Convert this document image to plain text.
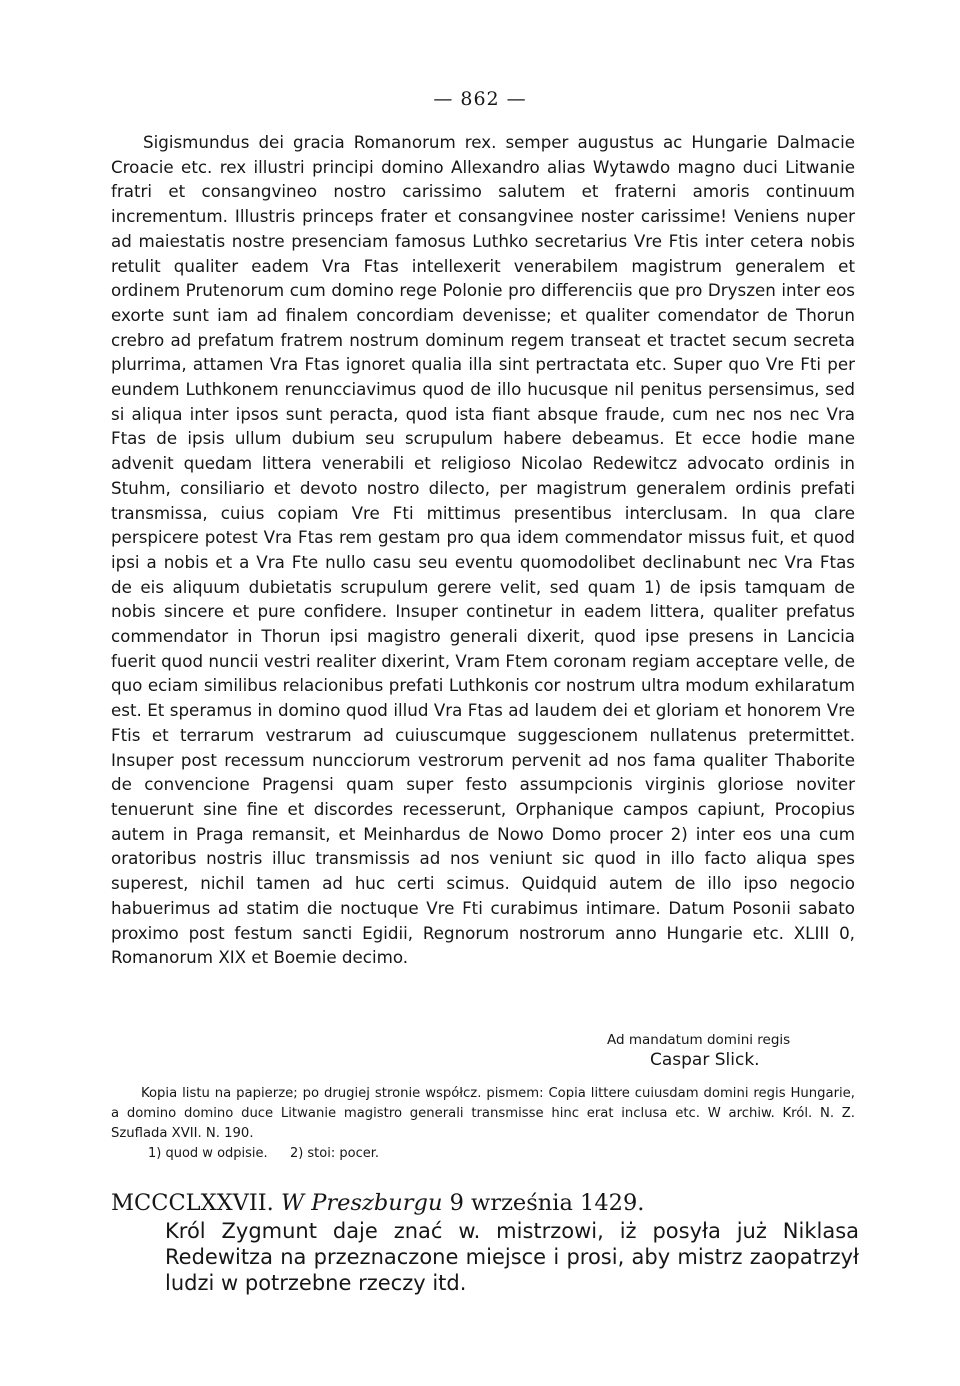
— 862 —

Sigismundus dei gracia Romanorum rex. semper augustus ac Hungarie Dalmacie Croacie etc. rex illustri principi domino Allexandro alias Wytawdo magno duci Litwanie fratri et consangvineo nostro carissimo salutem et fraterni amoris continuum incrementum. Illustris princeps frater et consangvinee noster carissime! Veniens nuper ad maiestatis nostre presenciam famosus Luthko secretarius Vre Ftis inter cetera nobis retulit qualiter eadem Vra Ftas intellexerit venerabilem magistrum generalem et ordinem Prutenorum cum domino rege Polonie pro differenciis que pro Dryszen inter eos exorte sunt iam ad finalem concordiam devenisse; et qualiter comendator de Thorun crebro ad prefatum fratrem nostrum dominum regem transeat et tractet secum secreta plurrima, attamen Vra Ftas ignoret qualia illa sint pertractata etc. Super quo Vre Fti per eundem Luthkonem renuncciavimus quod de illo hucusque nil penitus persensimus, sed si aliqua inter ipsos sunt peracta, quod ista fiant absque fraude, cum nec nos nec Vra Ftas de ipsis ullum dubium seu scrupulum habere debeamus. Et ecce hodie mane advenit quedam littera venerabili et religioso Nicolao Redewitcz advocato ordinis in Stuhm, consiliario et devoto nostro dilecto, per magistrum generalem ordinis prefati transmissa, cuius copiam Vre Fti mittimus presentibus interclusam. In qua clare perspicere potest Vra Ftas rem gestam pro qua idem commendator missus fuit, et quod ipsi a nobis et a Vra Fte nullo casu seu eventu quomodolibet declinabunt nec Vra Ftas de eis aliquum dubietatis scrupulum gerere velit, sed quam 1) de ipsis tamquam de nobis sincere et pure confidere. Insuper continetur in eadem littera, qualiter prefatus commendator in Thorun ipsi magistro generali dixerit, quod ipse presens in Lancicia fuerit quod nuncii vestri realiter dixerint, Vram Ftem coronam regiam acceptare velle, de quo eciam similibus relacionibus prefati Luthkonis cor nostrum ultra modum exhilaratum est. Et speramus in domino quod illud Vra Ftas ad laudem dei et gloriam et honorem Vre Ftis et terrarum vestrarum ad cuiuscumque suggescionem nullatenus pretermittet. Insuper post recessum nuncciorum vestrorum pervenit ad nos fama qualiter Thaborite de convencione Pragensi quam super festo assumpcionis virginis gloriose noviter tenuerunt sine fine et discordes recesserunt, Orphanique campos capiunt, Procopius autem in Praga remansit, et Meinhardus de Nowo Domo procer 2) inter eos una cum oratoribus nostris illuc transmissis ad nos veniunt sic quod in illo facto aliqua spes superest, nichil tamen ad huc certi scimus. Quidquid autem de illo ipso negocio habuerimus ad statim die noctuque Vre Fti curabimus intimare. Datum Posonii sabato proximo post festum sancti Egidii, Regnorum nostrorum anno Hungarie etc. XLIII 0, Romanorum XIX et Boemie decimo.

Ad mandatum domini regis
Caspar Slick.

Kopia listu na papierze; po drugiej stronie współcz. pismem: Copia littere cuiusdam domini regis Hungarie, a domino domino duce Litwanie magistro generali transmisse hinc erat inclusa etc. W archiw. Król. N. Z. Szuflada XVII. N. 190.

1) quod w odpisie. 2) stoi: pocer.
MCCCLXXVII. W Preszburgu 9 września 1429.

Król Zygmunt daje znać w. mistrzowi, iż posyła już Niklasa Redewitza na przeznaczone miejsce i prosi, aby mistrz zaopatrzył ludzi w potrzebne rzeczy itd.
